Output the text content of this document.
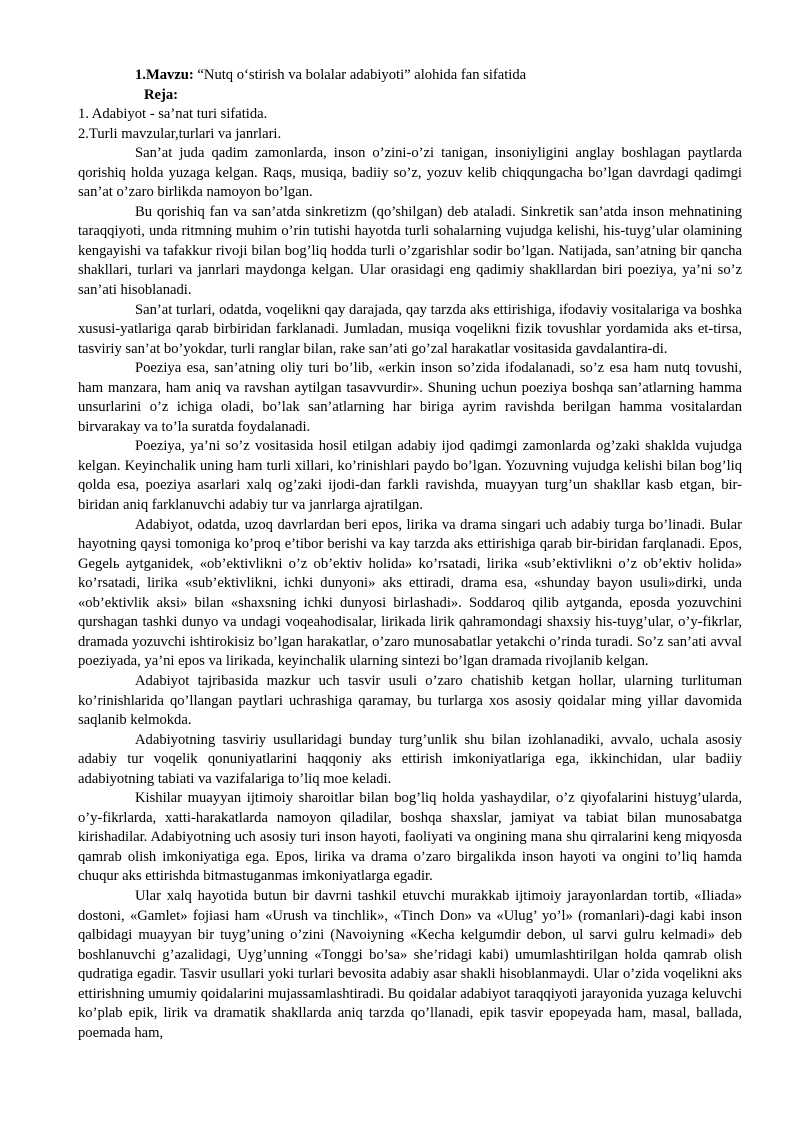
1.Mavzu: “Nutq o‘stirish va bolalar adabiyoti” alohida fan sifatida
Reja:
1. Adabiyot - sa’nat turi sifatida.
2.Turli mavzular,turlari va janrlari.

San’at juda qadim zamonlarda, inson o’zini-o’zi tanigan, insoniyligini anglay boshlagan paytlarda qorishiq holda yuzaga kelgan. Raqs, musiqa, badiiy so’z, yozuv kelib chiqqungacha bo’lgan davrdagi qadimgi san’at o’zaro birlikda namoyon bo’lgan.

Bu qorishiq fan va san’atda sinkretizm (qo’shilgan) deb ataladi. Sinkretik san’atda inson mehnatining taraqqiyoti, unda ritmning muhim o’rin tutishi hayotda turli sohalarning vujudga kelishi, his-tuyg’ular olamining kengayishi va tafakkur rivoji bilan bog’liq hodda turli o’zgarishlar sodir bo’lgan. Natijada, san’atning bir qancha shakllari, turlari va janrlari maydonga kelgan. Ular orasidagi eng qadimiy shakllardan biri poeziya, ya’ni so’z san’ati hisoblanadi.

San’at turlari, odatda, voqelikni qay darajada, qay tarzda aks ettirishiga, ifodaviy vositalariga va boshka xususi-yatlariga qarab birbiridan farklanadi. Jumladan, musiqa voqelikni fizik tovushlar yordamida aks et-tirsa, tasviriy san’at bo’yokdar, turli ranglar bilan, rake san’ati go’zal harakatlar vositasida gavdalantira-di.

Poeziya esa, san’atning oliy turi bo’lib, «erkin inson so’zida ifodalanadi, so’z esa ham nutq tovushi, ham manzara, ham aniq va ravshan aytilgan tasavvurdir». Shuning uchun poeziya boshqa san’atlarning hamma unsurlarini o’z ichiga oladi, bo’lak san’atlarning har biriga ayrim ravishda berilgan hamma vositalardan birvarakay va to’la suratda foydalanadi.

Poeziya, ya’ni so’z vositasida hosil etilgan adabiy ijod qadimgi zamonlarda og’zaki shaklda vujudga kelgan. Keyinchalik uning ham turli xillari, ko’rinishlari paydo bo’lgan. Yozuvning vujudga kelishi bilan bog’liq qolda esa, poeziya asarlari xalq og’zaki ijodi-dan farkli ravishda, muayyan turg’un shakllar kasb etgan, bir-biridan aniq farklanuvchi adabiy tur va janrlarga ajratilgan.

Adabiyot, odatda, uzoq davrlardan beri epos, lirika va drama singari uch adabiy turga bo’linadi. Bular hayotning qaysi tomoniga ko’proq e’tibor berishi va kay tarzda aks ettirishiga qarab bir-biridan farqlanadi. Epos, Gegelь aytganidek, «ob’ektivlikni o’z ob’ektiv holida» ko’rsatadi, lirika «sub’ektivlikni o’z ob’ektiv holida» ko’rsatadi, lirika «sub’ektivlikni, ichki dunyoni» aks ettiradi, drama esa, «shunday bayon usuli»dirki, unda «ob’ektivlik aksi» bilan «shaxsning ichki dunyosi birlashadi». Soddaroq qilib aytganda, eposda yozuvchini qurshagan tashki dunyo va undagi voqeahodisalar, lirikada lirik qahramondagi shaxsiy his-tuyg’ular, o’y-fikrlar, dramada yozuvchi ishtirokisiz bo’lgan harakatlar, o’zaro munosabatlar yetakchi o’rinda turadi. So’z san’ati avval poeziyada, ya’ni epos va lirikada, keyinchalik ularning sintezi bo’lgan dramada rivojlanib kelgan.

Adabiyot tajribasida mazkur uch tasvir usuli o’zaro chatishib ketgan hollar, ularning turlituman ko’rinishlarida qo’llangan paytlari uchrashiga qaramay, bu turlarga xos asosiy qoidalar ming yillar davomida saqlanib kelmokda.

Adabiyotning tasviriy usullaridagi bunday turg’unlik shu bilan izohlanadiki, avvalo, uchala asosiy adabiy tur voqelik qonuniyatlarini haqqoniy aks ettirish imkoniyatlariga ega, ikkinchidan, ular badiiy adabiyotning tabiati va vazifalariga to’liq moe keladi.

Kishilar muayyan ijtimoiy sharoitlar bilan bog’liq holda yashaydilar, o’z qiyofalarini histuyg’ularda, o’y-fikrlarda, xatti-harakatlarda namoyon qiladilar, boshqa shaxslar, jamiyat va tabiat bilan munosabatga kirishadilar. Adabiyotning uch asosiy turi inson hayoti, faoliyati va ongining mana shu qirralarini keng miqyosda qamrab olish imkoniyatiga ega. Epos, lirika va drama o’zaro birgalikda inson hayoti va ongini to’liq hamda chuqur aks ettirishda bitmastuganmas imkoniyatlarga egadir.

Ular xalq hayotida butun bir davrni tashkil etuvchi murakkab ijtimoiy jarayonlardan tortib, «Iliada» dostoni, «Gamlet» fojiasi ham «Urush va tinchlik», «Tinch Don» va «Ulug’ yo’l» (romanlari)-dagi kabi inson qalbidagi muayyan bir tuyg’uning o’zini (Navoiyning «Kecha kelgumdir debon, ul sarvi gulru kelmadi» deb boshlanuvchi g’azalidagi, Uyg’unning «Tonggi bo’sa» she’ridagi kabi) umumlashtirilgan holda qamrab olish qudratiga egadir. Tasvir usullari yoki turlari bevosita adabiy asar shakli hisoblanmaydi. Ular o’zida voqelikni aks ettirishning umumiy qoidalarini mujassamlashtiradi. Bu qoidalar adabiyot taraqqiyoti jarayonida yuzaga keluvchi ko’plab epik, lirik va dramatik shakllarda aniq tarzda qo’llanadi, epik tasvir epopeyada ham, masal, ballada, poemada ham,
